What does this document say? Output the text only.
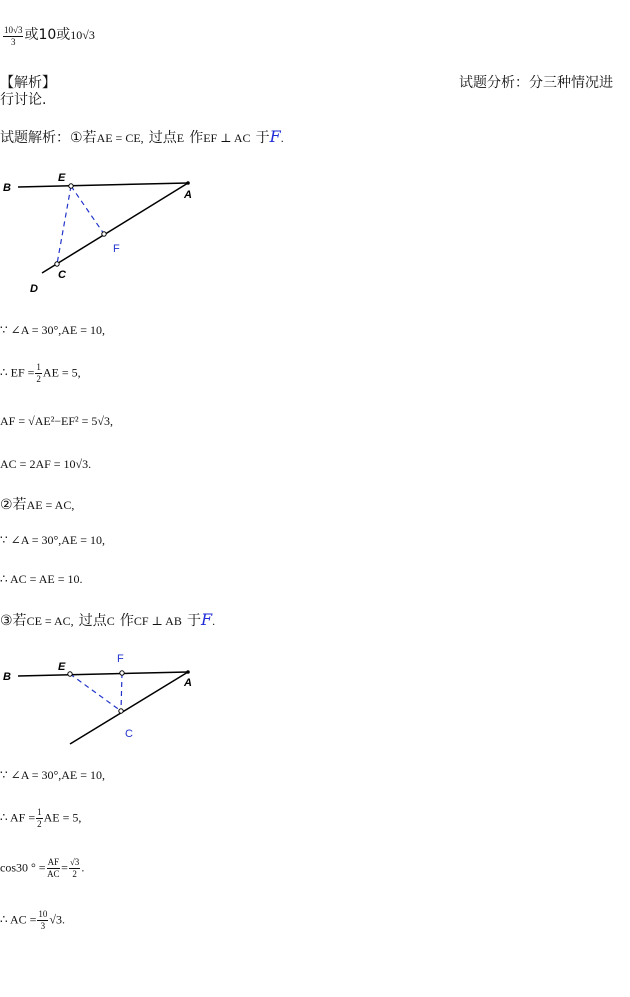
$\frac{10√3}{3}$ 或10或10√3
【解析】	试题分析：分三种情况进
行讨论.
试题解析：①若AE = CE, 过点E 作EF ⊥ AC 于F.
B
E
A
F
C
D
∵ ∠A = 30°,AE = 10,
∴ EF = $\frac{1}{2}$ AE = 5,
AF = √AE²−EF² = 5√3,
AC = 2AF = 10√3.
②若AE = AC,
∵ ∠A = 30°,AE = 10,
∴ AC = AE = 10.
③若CE = AC, 过点C 作CF ⊥ AB 于F.
B
E
F
A
C
∵ ∠A = 30°,AE = 10,
∴ AF = $\frac{1}{2}$ AE = 5,
cos30 ° = $\frac{AF}{AC} = \frac{√3}{2}$ .
∴ AC = $\frac{10}{3} √3$.
